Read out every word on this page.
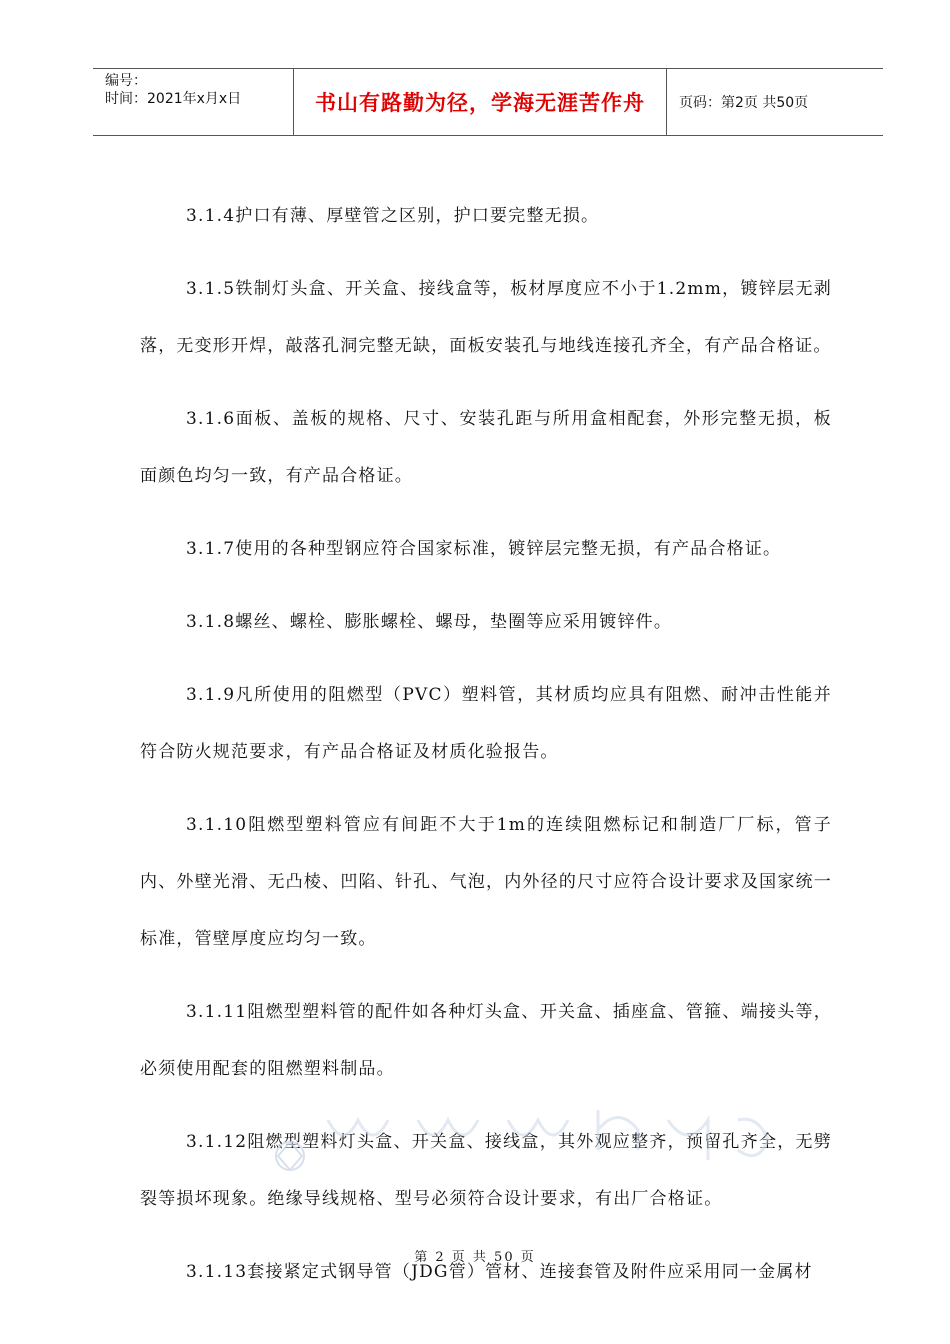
编号：
时间：2021年x月x日	书山有路勤为径，学海无涯苦作舟	页码：第2页 共50页

3.1.4护口有薄、厚壁管之区别，护口要完整无损。

3.1.5铁制灯头盒、开关盒、接线盒等，板材厚度应不小于1.2mm，镀锌层无剥落，无变形开焊，敲落孔洞完整无缺，面板安装孔与地线连接孔齐全，有产品合格证。

3.1.6面板、盖板的规格、尺寸、安装孔距与所用盒相配套，外形完整无损，板面颜色均匀一致，有产品合格证。

3.1.7使用的各种型钢应符合国家标准，镀锌层完整无损，有产品合格证。

3.1.8螺丝、螺栓、膨胀螺栓、螺母，垫圈等应采用镀锌件。

3.1.9凡所使用的阻燃型（PVC）塑料管，其材质均应具有阻燃、耐冲击性能并符合防火规范要求，有产品合格证及材质化验报告。

3.1.10阻燃型塑料管应有间距不大于1m的连续阻燃标记和制造厂厂标，管子内、外壁光滑、无凸棱、凹陷、针孔、气泡，内外径的尺寸应符合设计要求及国家统一标准，管壁厚度应均匀一致。

3.1.11阻燃型塑料管的配件如各种灯头盒、开关盒、插座盒、管箍、端接头等，必须使用配套的阻燃塑料制品。

3.1.12阻燃型塑料灯头盒、开关盒、接线盒，其外观应整齐，预留孔齐全，无劈裂等损坏现象。绝缘导线规格、型号必须符合设计要求，有出厂合格证。

3.1.13套接紧定式钢导管（JDG管）管材、连接套管及附件应采用同一金属材

第 2 页 共 50 页
